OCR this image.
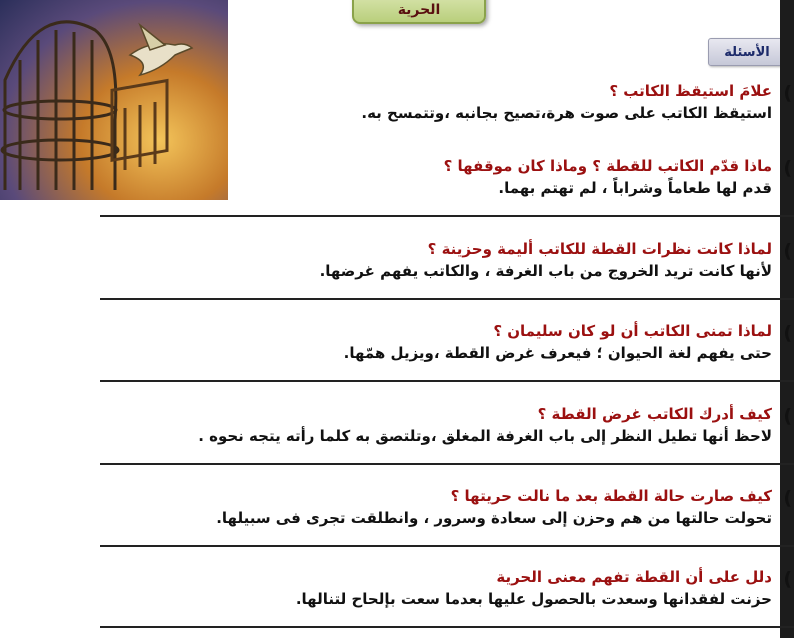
الحرية
الأسئلة
)
علامَ استيقظ الكاتب ؟
استيقظ الكاتب على صوت هرة،تصيح بجانبه ،وتتمسح به.
)
ماذا قدّم الكاتب للقطة ؟ وماذا كان موقفها ؟
قدم لها طعاماً وشراباً ، لم تهتم بهما.
)
لماذا كانت نظرات القطة للكاتب أليمة وحزينة ؟
لأنها كانت تريد الخروج من باب الغرفة ، والكاتب يفهم غرضها.
)
لماذا تمنى الكاتب أن لو كان سليمان ؟
حتى يفهم لغة الحيوان ؛ فيعرف غرض القطة ،ويزيل همّها.
)
كيف أدرك الكاتب غرض القطة ؟
لاحظ أنها تطيل النظر إلى باب الغرفة المغلق ،وتلتصق به كلما رأته يتجه نحوه .
)
كيف صارت حالة القطة بعد ما نالت حريتها ؟
تحولت حالتها من هم وحزن إلى سعادة وسرور ، وانطلقت تجرى فى سبيلها.
)
دلل على أن القطة تفهم معنى الحرية
حزنت لفقدانها وسعدت بالحصول عليها بعدما سعت بإلحاح لتنالها.
